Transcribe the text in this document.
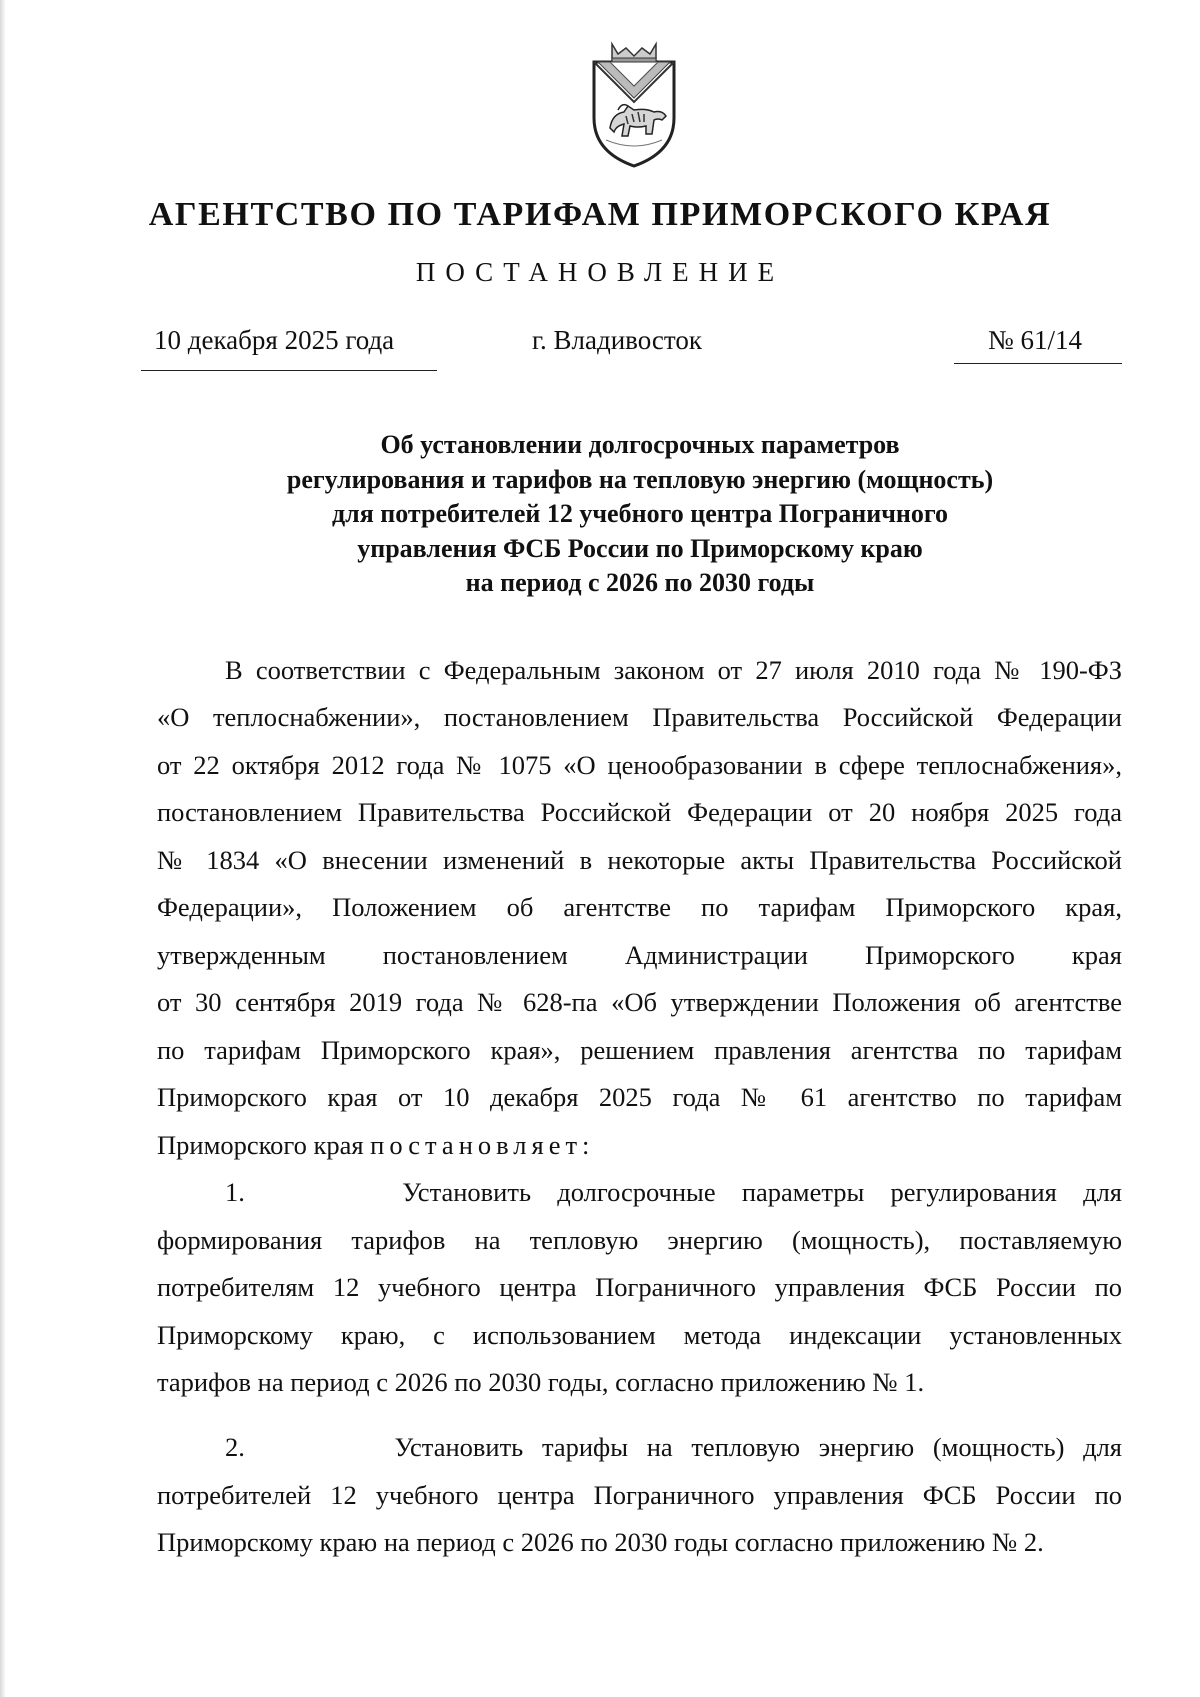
АГЕНТСТВО ПО ТАРИФАМ ПРИМОРСКОГО КРАЯ
ПОСТАНОВЛЕНИЕ
10 декабря 2025 года	г. Владивосток	№ 61/14
Об установлении долгосрочных параметров
регулирования и тарифов на тепловую энергию (мощность)
для потребителей 12 учебного центра Пограничного
управления ФСБ России по Приморскому краю
на период с 2026 по 2030 годы
В соответствии с Федеральным законом от 27 июля 2010 года № 190-ФЗ
«О теплоснабжении», постановлением Правительства Российской Федерации
от 22 октября 2012 года № 1075 «О ценообразовании в сфере теплоснабжения»,
постановлением Правительства Российской Федерации от 20 ноября 2025 года
№ 1834 «О внесении изменений в некоторые акты Правительства Российской
Федерации», Положением об агентстве по тарифам Приморского края,
утвержденным постановлением Администрации Приморского края
от 30 сентября 2019 года № 628-па «Об утверждении Положения об агентстве
по тарифам Приморского края», решением правления агентства по тарифам
Приморского края от 10 декабря 2025 года № 61 агентство по тарифам
Приморского края постановляет:
1.      Установить долгосрочные параметры регулирования для
формирования тарифов на тепловую энергию (мощность), поставляемую
потребителям 12 учебного центра Пограничного управления ФСБ России по
Приморскому краю, с использованием метода индексации установленных
тарифов на период с 2026 по 2030 годы, согласно приложению № 1.
2.        Установить тарифы на тепловую энергию (мощность) для
потребителей 12 учебного центра Пограничного управления ФСБ России по
Приморскому краю на период с 2026 по 2030 годы согласно приложению № 2.
